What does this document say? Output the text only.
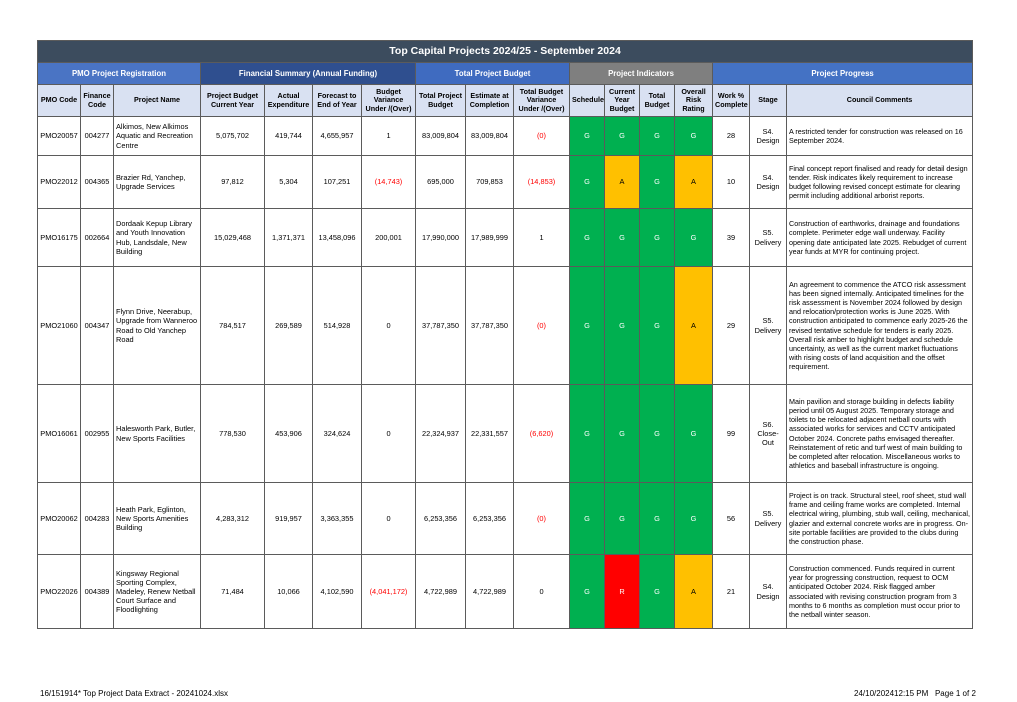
Top Capital Projects 2024/25 - September 2024																
PMO Project Registration			Financial Summary (Annual Funding)				Total Project Budget			Project Indicators				Project Progress		
PMO Code	Finance Code	Project Name	Project Budget Current Year	Actual Expenditure	Forecast to End of Year	Budget Variance Under /(Over)	Total Project Budget	Estimate at Completion	Total Budget Variance Under /(Over)	Schedule	Current Year Budget	Total Budget	Overall Risk Rating	Work % Complete	Stage	Council Comments
PMO20057	004277	Alkimos, New Alkimos Aquatic and Recreation Centre	5,075,702	419,744	4,655,957	1	83,009,804	83,009,804	(0)	G	G	G	G	28	S4. Design	A restricted tender for construction was released on 16 September 2024.
PMO22012	004365	Brazier Rd, Yanchep, Upgrade Services	97,812	5,304	107,251	(14,743)	695,000	709,853	(14,853)	G	A	G	A	10	S4. Design	Final concept report finalised and ready for detail design tender. Risk indicates likely requirement to increase budget following revised concept estimate for clearing permit including additional arborist reports.
PMO16175	002664	Dordaak Kepup Library and Youth Innovation Hub, Landsdale, New Building	15,029,468	1,371,371	13,458,096	200,001	17,990,000	17,989,999	1	G	G	G	G	39	S5. Delivery	Construction of earthworks, drainage and foundations complete. Perimeter edge wall underway. Facility opening date anticipated late 2025. Rebudget of current year funds at MYR for continuing project.
PMO21060	004347	Flynn Drive, Neerabup, Upgrade from Wanneroo Road to Old Yanchep Road	784,517	269,589	514,928	0	37,787,350	37,787,350	(0)	G	G	G	A	29	S5. Delivery	An agreement to commence the ATCO risk assessment has been signed internally. Anticipated timelines for the risk assessment is November 2024 followed by design and relocation/protection works is June 2025. With construction anticipated to commence early 2025-26 the revised tentative schedule for tenders is early 2025. Overall risk amber to highlight budget and schedule uncertainty, as well as the current market fluctuations with rising costs of land acquisition and the offset requirement.
PMO16061	002955	Halesworth Park, Butler, New Sports Facilities	778,530	453,906	324,624	0	22,324,937	22,331,557	(6,620)	G	G	G	G	99	S6. Close-Out	Main pavilion and storage building in defects liability period until 05 August 2025. Temporary storage and toilets to be relocated adjacent netball courts with associated works for services and CCTV anticipated October 2024. Concrete paths envisaged thereafter. Reinstatement of retic and turf west of main building to be completed after relocation. Miscellaneous works to athletics and baseball infrastructure is ongoing.
PMO20062	004283	Heath Park, Eglinton, New Sports Amenities Building	4,283,312	919,957	3,363,355	0	6,253,356	6,253,356	(0)	G	G	G	G	56	S5. Delivery	Project is on track. Structural steel, roof sheet, stud wall frame and ceiling frame works are completed. Internal electrical wiring, plumbing, stub wall, ceiling, mechanical, glazier and external concrete works are in progress. On-site portable facilities are provided to the clubs during the construction phase.
PMO22026	004389	Kingsway Regional Sporting Complex, Madeley, Renew Netball Court Surface and Floodlighting	71,484	10,066	4,102,590	(4,041,172)	4,722,989	4,722,989	0	G	R	G	A	21	S4. Design	Construction commenced. Funds required in current year for progressing construction, request to OCM anticipated October 2024. Risk flagged amber associated with revising construction program from 3 months to 6 months as completion must occur prior to the netball winter season.
16/151914* Top Project Data Extract - 20241024.xlsx	24/10/202412:15 PM Page 1 of 2
